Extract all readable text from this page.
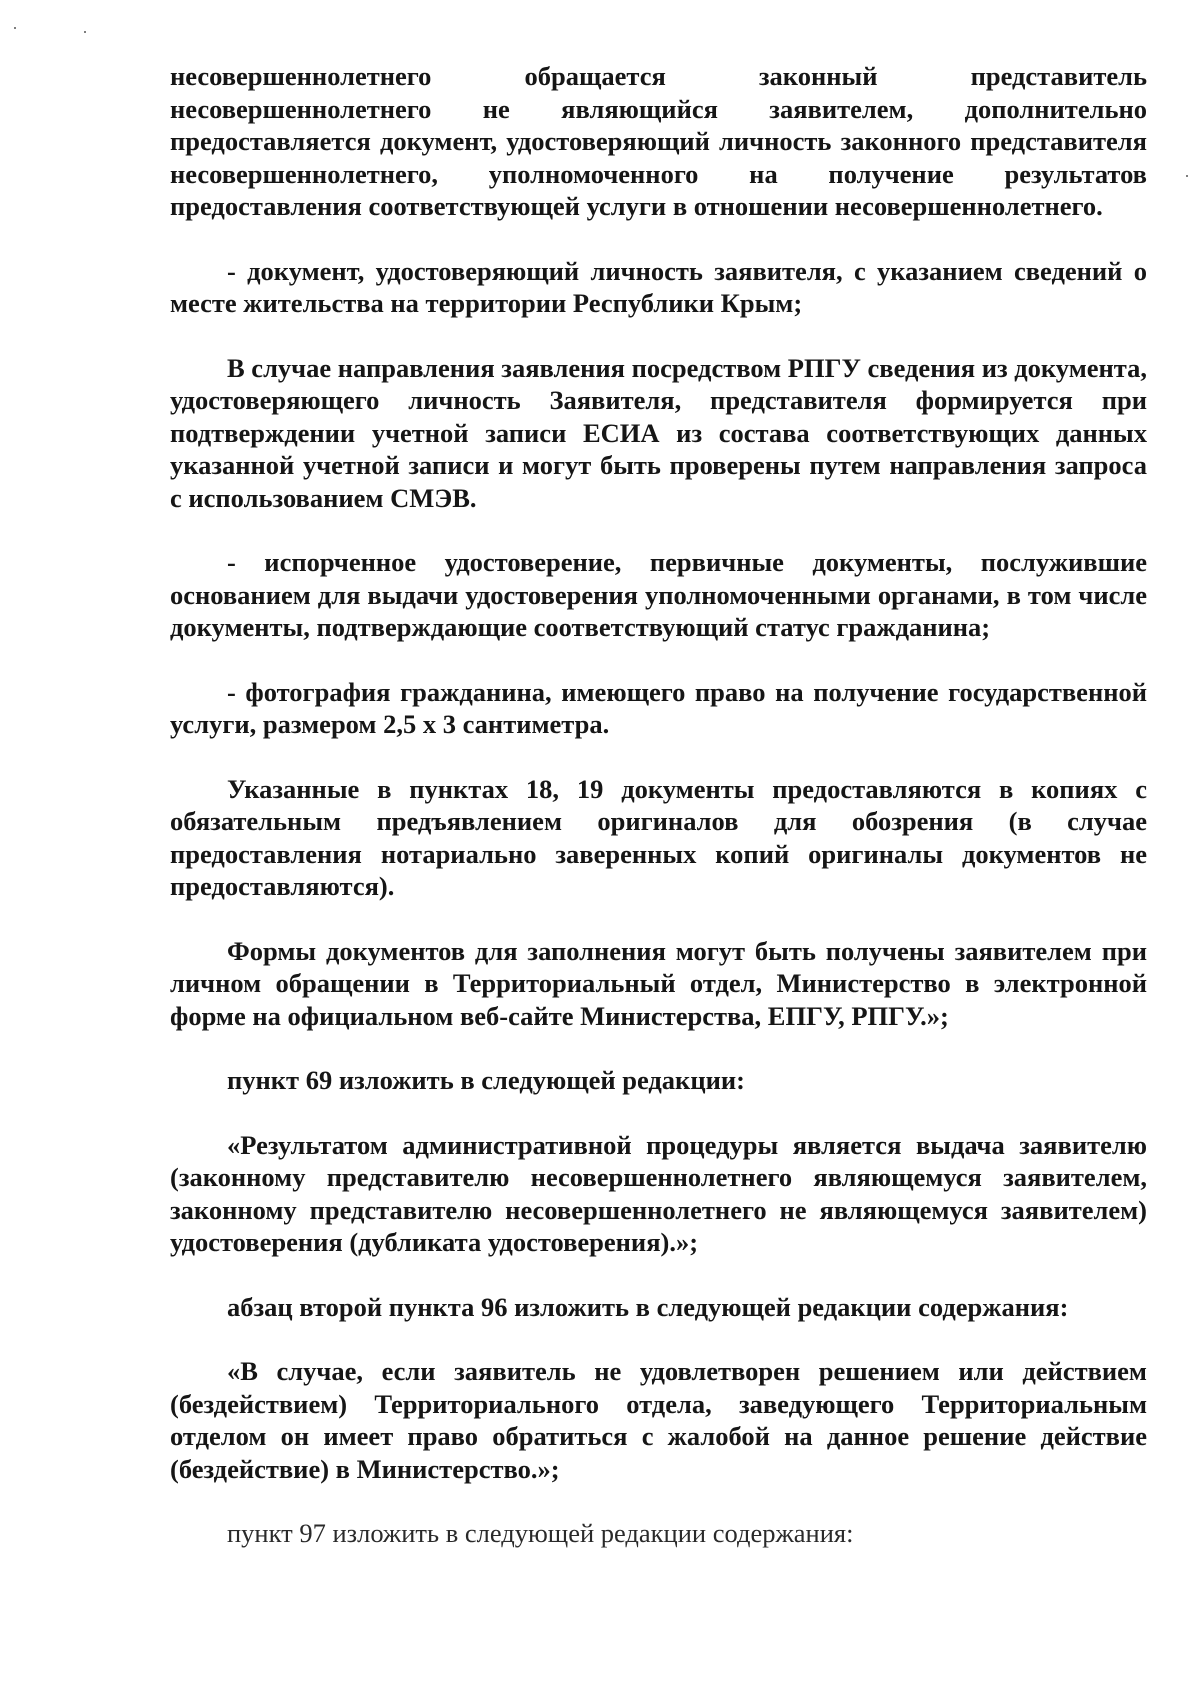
несовершеннолетнего обращается законный представитель несовершеннолетнего не являющийся заявителем, дополнительно предоставляется документ, удостоверяющий личность законного представителя несовершеннолетнего, уполномоченного на получение результатов предоставления соответствующей услуги в отношении несовершеннолетнего.

- документ, удостоверяющий личность заявителя, с указанием сведений о месте жительства на территории Республики Крым;

В случае направления заявления посредством РПГУ сведения из документа, удостоверяющего личность Заявителя, представителя формируется при подтверждении учетной записи ЕСИА из состава соответствующих данных указанной учетной записи и могут быть проверены путем направления запроса с использованием СМЭВ.

- испорченное удостоверение, первичные документы, послужившие основанием для выдачи удостоверения уполномоченными органами, в том числе документы, подтверждающие соответствующий статус гражданина;

- фотография гражданина, имеющего право на получение государственной услуги, размером 2,5 х 3 сантиметра.

Указанные в пунктах 18, 19 документы предоставляются в копиях с обязательным предъявлением оригиналов для обозрения (в случае предоставления нотариально заверенных копий оригиналы документов не предоставляются).

Формы документов для заполнения могут быть получены заявителем при личном обращении в Территориальный отдел, Министерство в электронной форме на официальном веб-сайте Министерства, ЕПГУ, РПГУ.»;

пункт 69 изложить в следующей редакции:

«Результатом административной процедуры является выдача заявителю (законному представителю несовершеннолетнего являющемуся заявителем, законному представителю несовершеннолетнего не являющемуся заявителем) удостоверения (дубликата удостоверения).»;

абзац второй пункта 96 изложить в следующей редакции содержания:

«В случае, если заявитель не удовлетворен решением или действием (бездействием) Территориального отдела, заведующего Территориальным отделом он имеет право обратиться с жалобой на данное решение действие (бездействие) в Министерство.»;

пункт 97 изложить в следующей редакции содержания:
